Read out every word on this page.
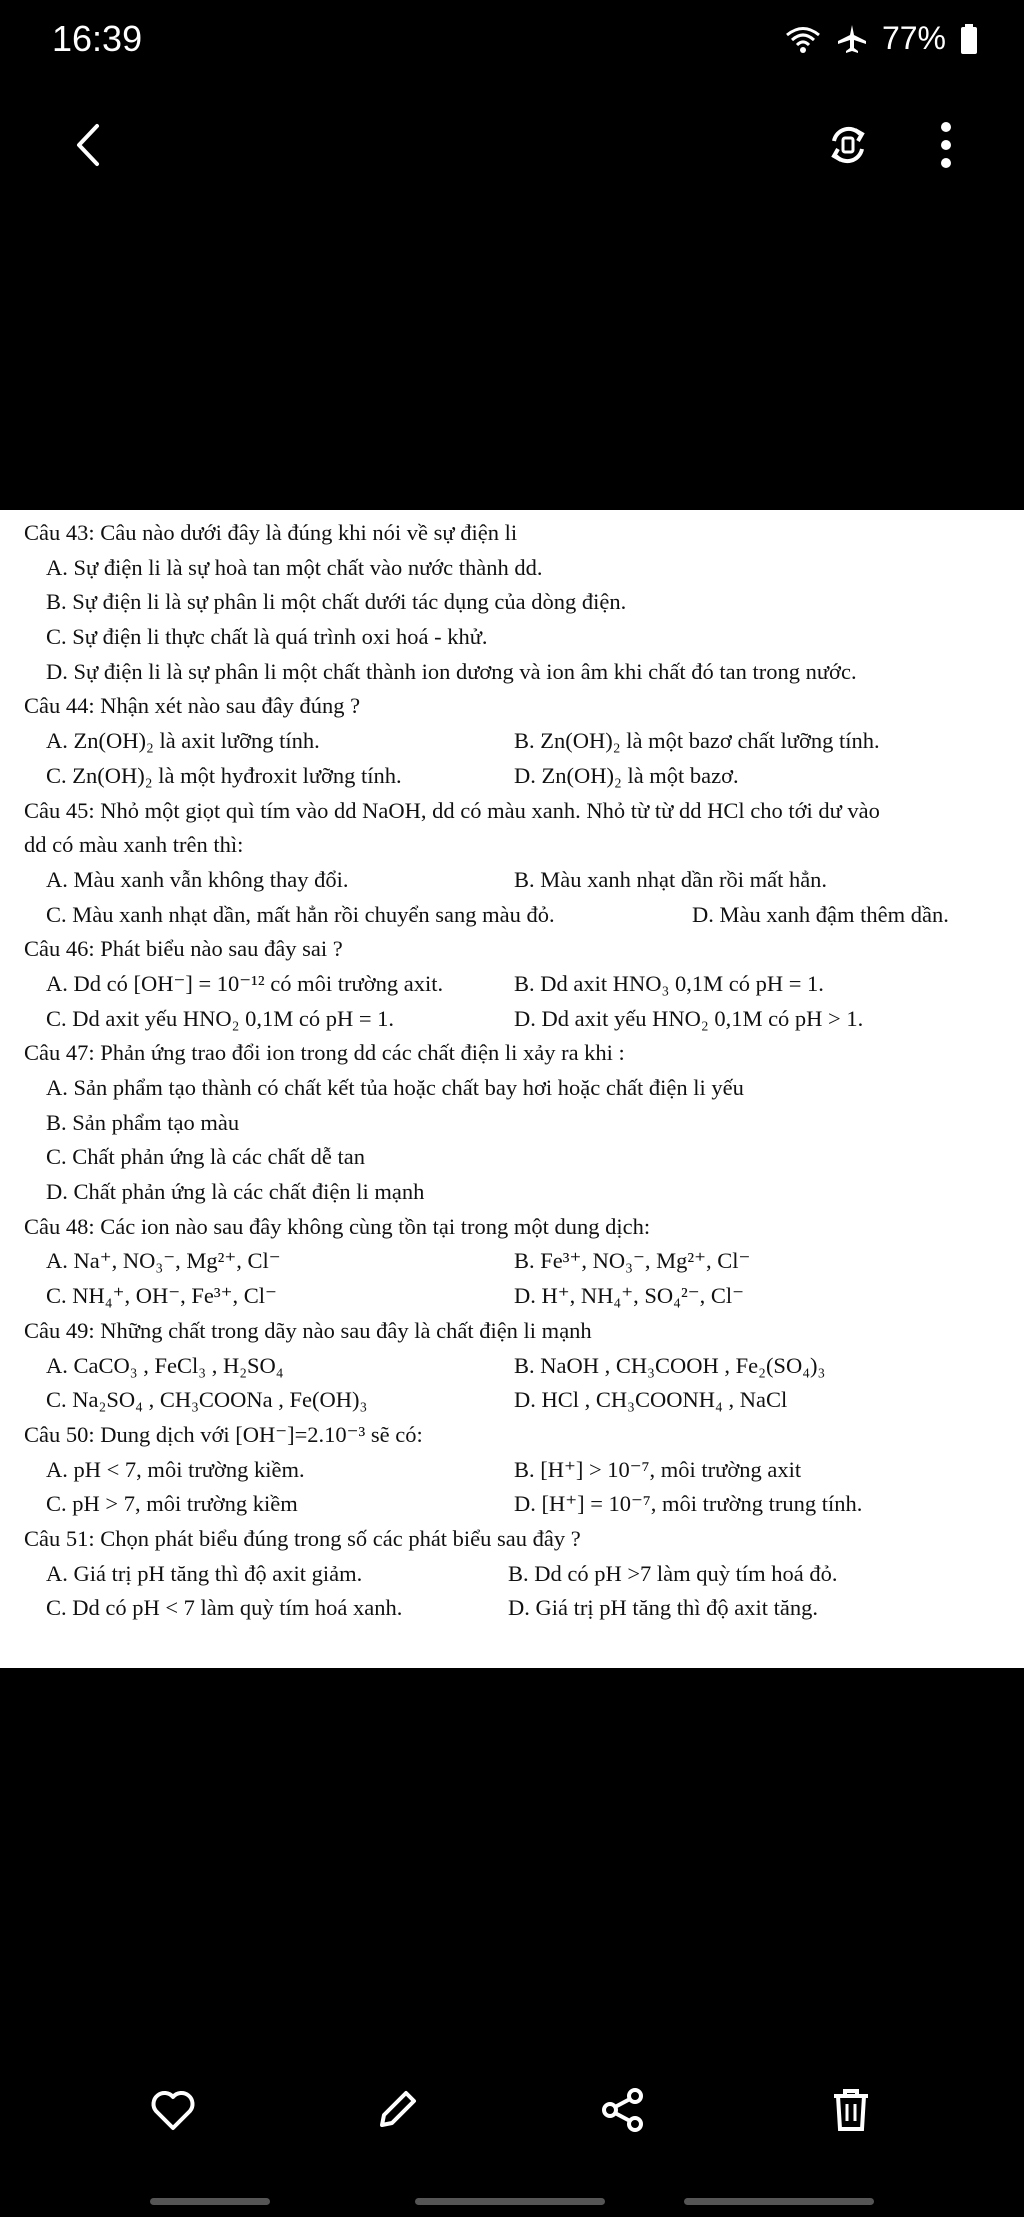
16:39	77%
Câu 43: Câu nào dưới đây là đúng khi nói về sự điện li
A. Sự điện li là sự hoà tan một chất vào nước thành dd.
B. Sự điện li là sự phân li một chất dưới tác dụng của dòng điện.
C. Sự điện li thực chất là quá trình oxi hoá - khử.
D. Sự điện li là sự phân li một chất thành ion dương và ion âm khi chất đó tan trong nước.
Câu 44: Nhận xét nào sau đây đúng ?
A. Zn(OH)₂ là axit lưỡng tính.	B. Zn(OH)₂ là một bazơ chất lưỡng tính.
C. Zn(OH)₂ là một hyđroxit lưỡng tính.	D. Zn(OH)₂ là một bazơ.
Câu 45: Nhỏ một giọt quì tím vào dd NaOH, dd có màu xanh. Nhỏ từ từ dd HCl cho tới dư vào
dd có màu xanh trên thì:
A. Màu xanh vẫn không thay đổi.	B. Màu xanh nhạt dần rồi mất hẳn.
C. Màu xanh nhạt dần, mất hẳn rồi chuyển sang màu đỏ.	D. Màu xanh đậm thêm dần.
Câu 46: Phát biểu nào sau đây sai ?
A. Dd có [OH⁻] = 10⁻¹² có môi trường axit.	B. Dd axit HNO₃ 0,1M có pH = 1.
C. Dd axit yếu HNO₂ 0,1M có pH = 1.	D. Dd axit yếu HNO₂ 0,1M có pH > 1.
Câu 47: Phản ứng trao đổi ion trong dd các chất điện li xảy ra khi :
A. Sản phẩm tạo thành có chất kết tủa hoặc chất bay hơi hoặc chất điện li yếu
B. Sản phẩm tạo màu
C. Chất phản ứng là các chất dễ tan
D. Chất phản ứng là các chất điện li mạnh
Câu 48: Các ion nào sau đây không cùng tồn tại trong một dung dịch:
A. Na⁺, NO₃⁻, Mg²⁺, Cl⁻	B. Fe³⁺, NO₃⁻, Mg²⁺, Cl⁻
C. NH₄⁺, OH⁻, Fe³⁺, Cl⁻	D. H⁺, NH₄⁺, SO₄²⁻, Cl⁻
Câu 49: Những chất trong dãy nào sau đây là chất điện li mạnh
A. CaCO₃ , FeCl₃ , H₂SO₄	B. NaOH , CH₃COOH , Fe₂(SO₄)₃
C. Na₂SO₄ , CH₃COONa , Fe(OH)₃	D. HCl , CH₃COONH₄ , NaCl
Câu 50: Dung dịch với [OH⁻]=2.10⁻³ sẽ có:
A. pH < 7, môi trường kiềm.	B. [H⁺] > 10⁻⁷, môi trường axit
C. pH > 7, môi trường kiềm	D. [H⁺] = 10⁻⁷, môi trường trung tính.
Câu 51: Chọn phát biểu đúng trong số các phát biểu sau đây ?
A. Giá trị pH tăng thì độ axit giảm.	B. Dd có pH >7 làm quỳ tím hoá đỏ.
C. Dd có pH < 7 làm quỳ tím hoá xanh.	D. Giá trị pH tăng thì độ axit tăng.
